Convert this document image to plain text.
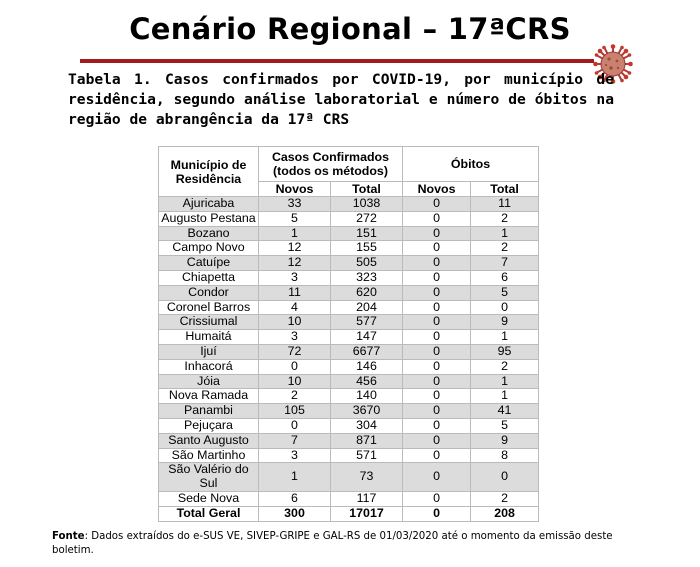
Cenário Regional – 17ªCRS
Tabela 1. Casos confirmados por COVID-19, por município de residência, segundo análise laboratorial e número de óbitos na região de abrangência da 17ª CRS
Município de Residência	Casos Confirmados (todos os métodos)		Óbitos	
	Novos	Total	Novos	Total
Ajuricaba	33	1038	0	11
Augusto Pestana	5	272	0	2
Bozano	1	151	0	1
Campo Novo	12	155	0	2
Catuípe	12	505	0	7
Chiapetta	3	323	0	6
Condor	11	620	0	5
Coronel Barros	4	204	0	0
Crissiumal	10	577	0	9
Humaitá	3	147	0	1
Ijuí	72	6677	0	95
Inhacorá	0	146	0	2
Jóia	10	456	0	1
Nova Ramada	2	140	0	1
Panambi	105	3670	0	41
Pejuçara	0	304	0	5
Santo Augusto	7	871	0	9
São Martinho	3	571	0	8
São Valério do Sul	1	73	0	0
Sede Nova	6	117	0	2
Total Geral	300	17017	0	208
Fonte: Dados extraídos do e-SUS VE, SIVEP-GRIPE e GAL-RS de 01/03/2020 até o momento da emissão deste boletim.
